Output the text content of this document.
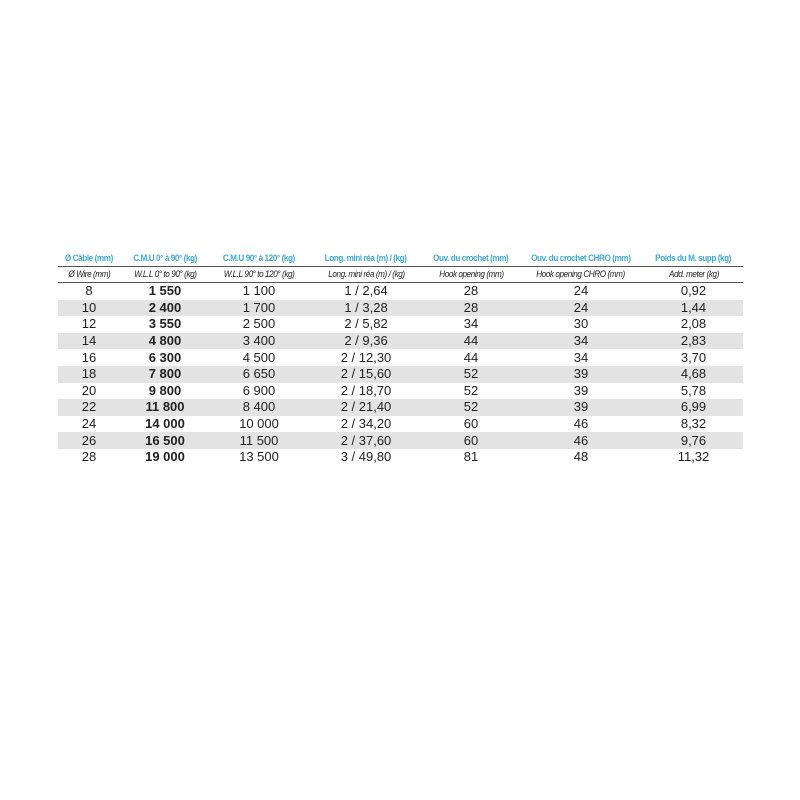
Ø Câble (mm)	C.M.U 0° à 90° (kg)	C.M.U 90° à 120° (kg)	Long. mini réa (m) / (kg)	Ouv. du crochet (mm)	Ouv. du crochet CHRO (mm)	Poids du M. supp (kg)
Ø Wire (mm)	W.L.L 0° to 90° (kg)	W.L.L 90° to 120° (kg)	Long. mini réa (m) / (kg)	Hook opening (mm)	Hook opening CHRO (mm)	Add. meter (kg)
8	1 550	1 100	1 / 2,64	28	24	0,92
10	2 400	1 700	1 / 3,28	28	24	1,44
12	3 550	2 500	2 / 5,82	34	30	2,08
14	4 800	3 400	2 / 9,36	44	34	2,83
16	6 300	4 500	2 / 12,30	44	34	3,70
18	7 800	6 650	2 / 15,60	52	39	4,68
20	9 800	6 900	2 / 18,70	52	39	5,78
22	11 800	8 400	2 / 21,40	52	39	6,99
24	14 000	10 000	2 / 34,20	60	46	8,32
26	16 500	11 500	2 / 37,60	60	46	9,76
28	19 000	13 500	3 / 49,80	81	48	11,32
